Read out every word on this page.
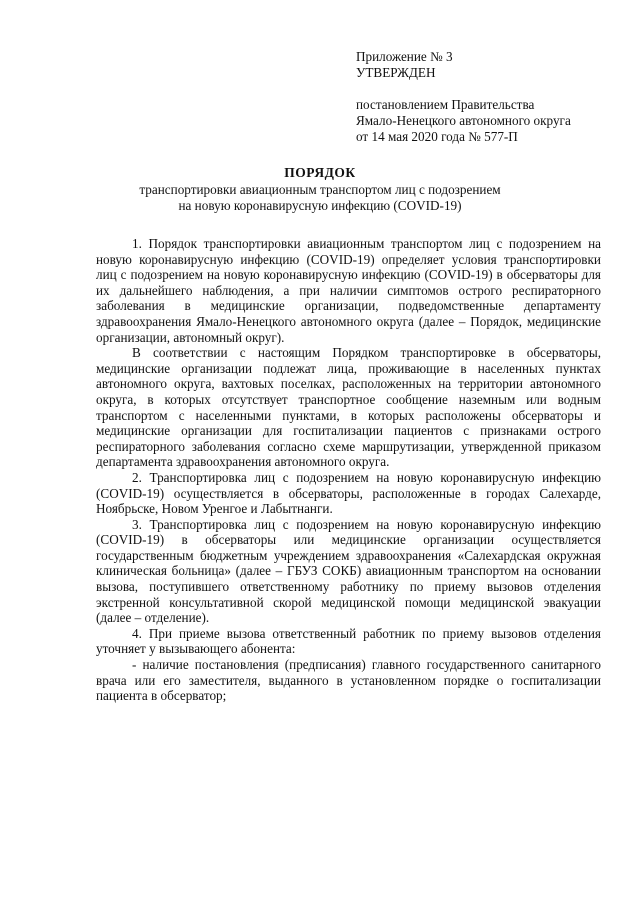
Приложение № 3
УТВЕРЖДЕН
постановлением Правительства
Ямало-Ненецкого автономного округа
от 14 мая 2020 года № 577-П
ПОРЯДОК
транспортировки авиационным транспортом лиц с подозрением
на новую коронавирусную инфекцию (COVID-19)

1. Порядок транспортировки авиационным транспортом лиц с подозрением на новую коронавирусную инфекцию (COVID-19) определяет условия транспортировки лиц с подозрением на новую коронавирусную инфекцию (COVID-19) в обсерваторы для их дальнейшего наблюдения, а при наличии симптомов острого респираторного заболевания в медицинские организации, подведомственные департаменту здравоохранения Ямало-Ненецкого автономного округа (далее – Порядок, медицинские организации, автономный округ).

В соответствии с настоящим Порядком транспортировке в обсерваторы, медицинские организации подлежат лица, проживающие в населенных пунктах автономного округа, вахтовых поселках, расположенных на территории автономного округа, в которых отсутствует транспортное сообщение наземным или водным транспортом с населенными пунктами, в которых расположены обсерваторы и медицинские организации для госпитализации пациентов с признаками острого респираторного заболевания согласно схеме маршрутизации, утвержденной приказом департамента здравоохранения автономного округа.

2. Транспортировка лиц с подозрением на новую коронавирусную инфекцию (COVID-19) осуществляется в обсерваторы, расположенные в городах Салехарде, Ноябрьске, Новом Уренгое и Лабытнанги.

3. Транспортировка лиц с подозрением на новую коронавирусную инфекцию (COVID-19) в обсерваторы или медицинские организации осуществляется государственным бюджетным учреждением здравоохранения «Салехардская окружная клиническая больница» (далее – ГБУЗ СОКБ) авиационным транспортом на основании вызова, поступившего ответственному работнику по приему вызовов отделения экстренной консультативной скорой медицинской помощи медицинской эвакуации (далее – отделение).

4. При приеме вызова ответственный работник по приему вызовов отделения уточняет у вызывающего абонента:

- наличие постановления (предписания) главного государственного санитарного врача или его заместителя, выданного в установленном порядке о госпитализации пациента в обсерватор;
